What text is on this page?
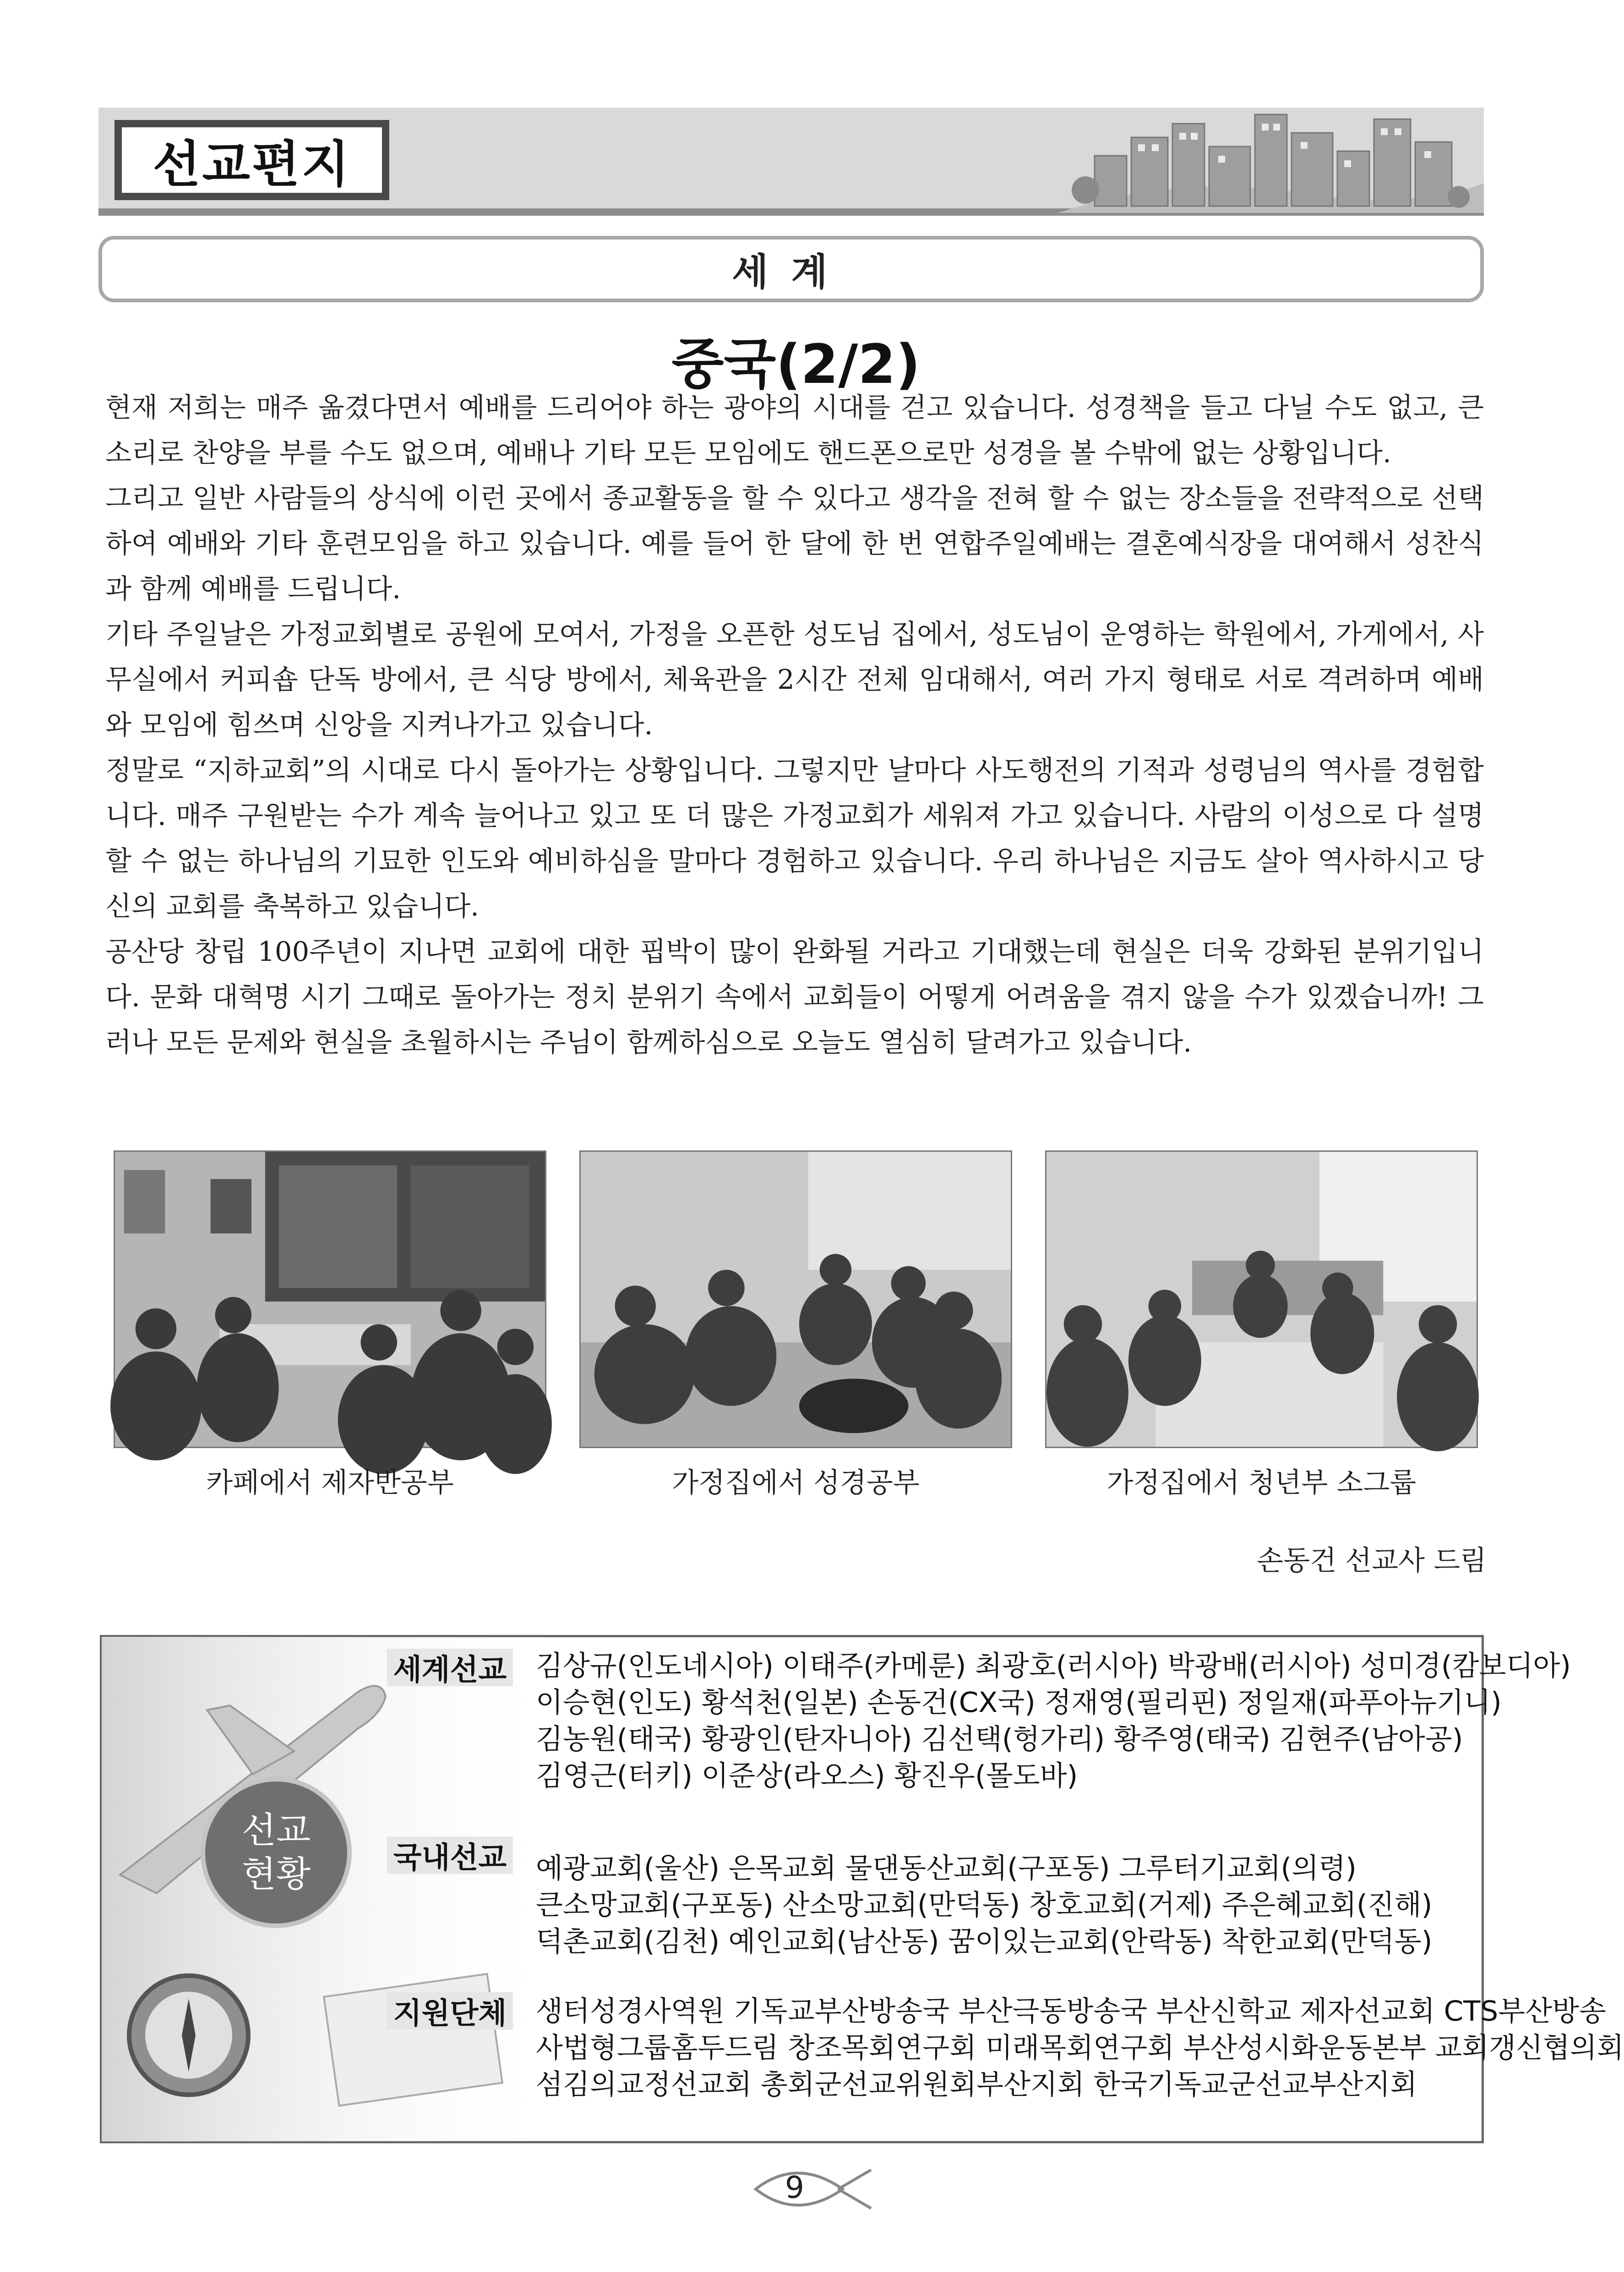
선교편지
세계
중국(2/2)

현재 저희는 매주 옮겼다면서 예배를 드리어야 하는 광야의 시대를 걷고 있습니다. 성경책을 들고 다닐 수도 없고, 큰 소리로 찬양을 부를 수도 없으며, 예배나 기타 모든 모임에도 핸드폰으로만 성경을 볼 수밖에 없는 상황입니다.

그리고 일반 사람들의 상식에 이런 곳에서 종교활동을 할 수 있다고 생각을 전혀 할 수 없는 장소들을 전략적으로 선택하여 예배와 기타 훈련모임을 하고 있습니다. 예를 들어 한 달에 한 번 연합주일예배는 결혼예식장을 대여해서 성찬식과 함께 예배를 드립니다.

기타 주일날은 가정교회별로 공원에 모여서, 가정을 오픈한 성도님 집에서, 성도님이 운영하는 학원에서, 가게에서, 사무실에서 커피숍 단독 방에서, 큰 식당 방에서, 체육관을 2시간 전체 임대해서, 여러 가지 형태로 서로 격려하며 예배와 모임에 힘쓰며 신앙을 지켜나가고 있습니다.

정말로 “지하교회”의 시대로 다시 돌아가는 상황입니다. 그렇지만 날마다 사도행전의 기적과 성령님의 역사를 경험합니다. 매주 구원받는 수가 계속 늘어나고 있고 또 더 많은 가정교회가 세워져 가고 있습니다. 사람의 이성으로 다 설명할 수 없는 하나님의 기묘한 인도와 예비하심을 말마다 경험하고 있습니다. 우리 하나님은 지금도 살아 역사하시고 당신의 교회를 축복하고 있습니다.

공산당 창립 100주년이 지나면 교회에 대한 핍박이 많이 완화될 거라고 기대했는데 현실은 더욱 강화된 분위기입니다. 문화 대혁명 시기 그때로 돌아가는 정치 분위기 속에서 교회들이 어떻게 어려움을 겪지 않을 수가 있겠습니까! 그러나 모든 문제와 현실을 초월하시는 주님이 함께하심으로 오늘도 열심히 달려가고 있습니다.

카페에서 제자반공부	가정집에서 성경공부	가정집에서 청년부 소그룹
손동건 선교사 드림
선교
현황
세계선교 김상규(인도네시아) 이태주(카메룬) 최광호(러시아) 박광배(러시아) 성미경(캄보디아)
이승현(인도) 황석천(일본) 손동건(CX국) 정재영(필리핀) 정일재(파푸아뉴기니)
김농원(태국) 황광인(탄자니아) 김선택(헝가리) 황주영(태국) 김현주(남아공)
김영근(터키) 이준상(라오스) 황진우(몰도바)
국내선교 예광교회(울산) 은목교회 물댄동산교회(구포동) 그루터기교회(의령)
큰소망교회(구포동) 산소망교회(만덕동) 창호교회(거제) 주은혜교회(진해)
덕촌교회(김천) 예인교회(남산동) 꿈이있는교회(안락동) 착한교회(만덕동)
지원단체 생터성경사역원 기독교부산방송국 부산극동방송국 부산신학교 제자선교회 CTS부산방송
사법형그룹홈두드림 창조목회연구회 미래목회연구회 부산성시화운동본부 교회갱신협의회
섬김의교정선교회 총회군선교위원회부산지회 한국기독교군선교부산지회
9
